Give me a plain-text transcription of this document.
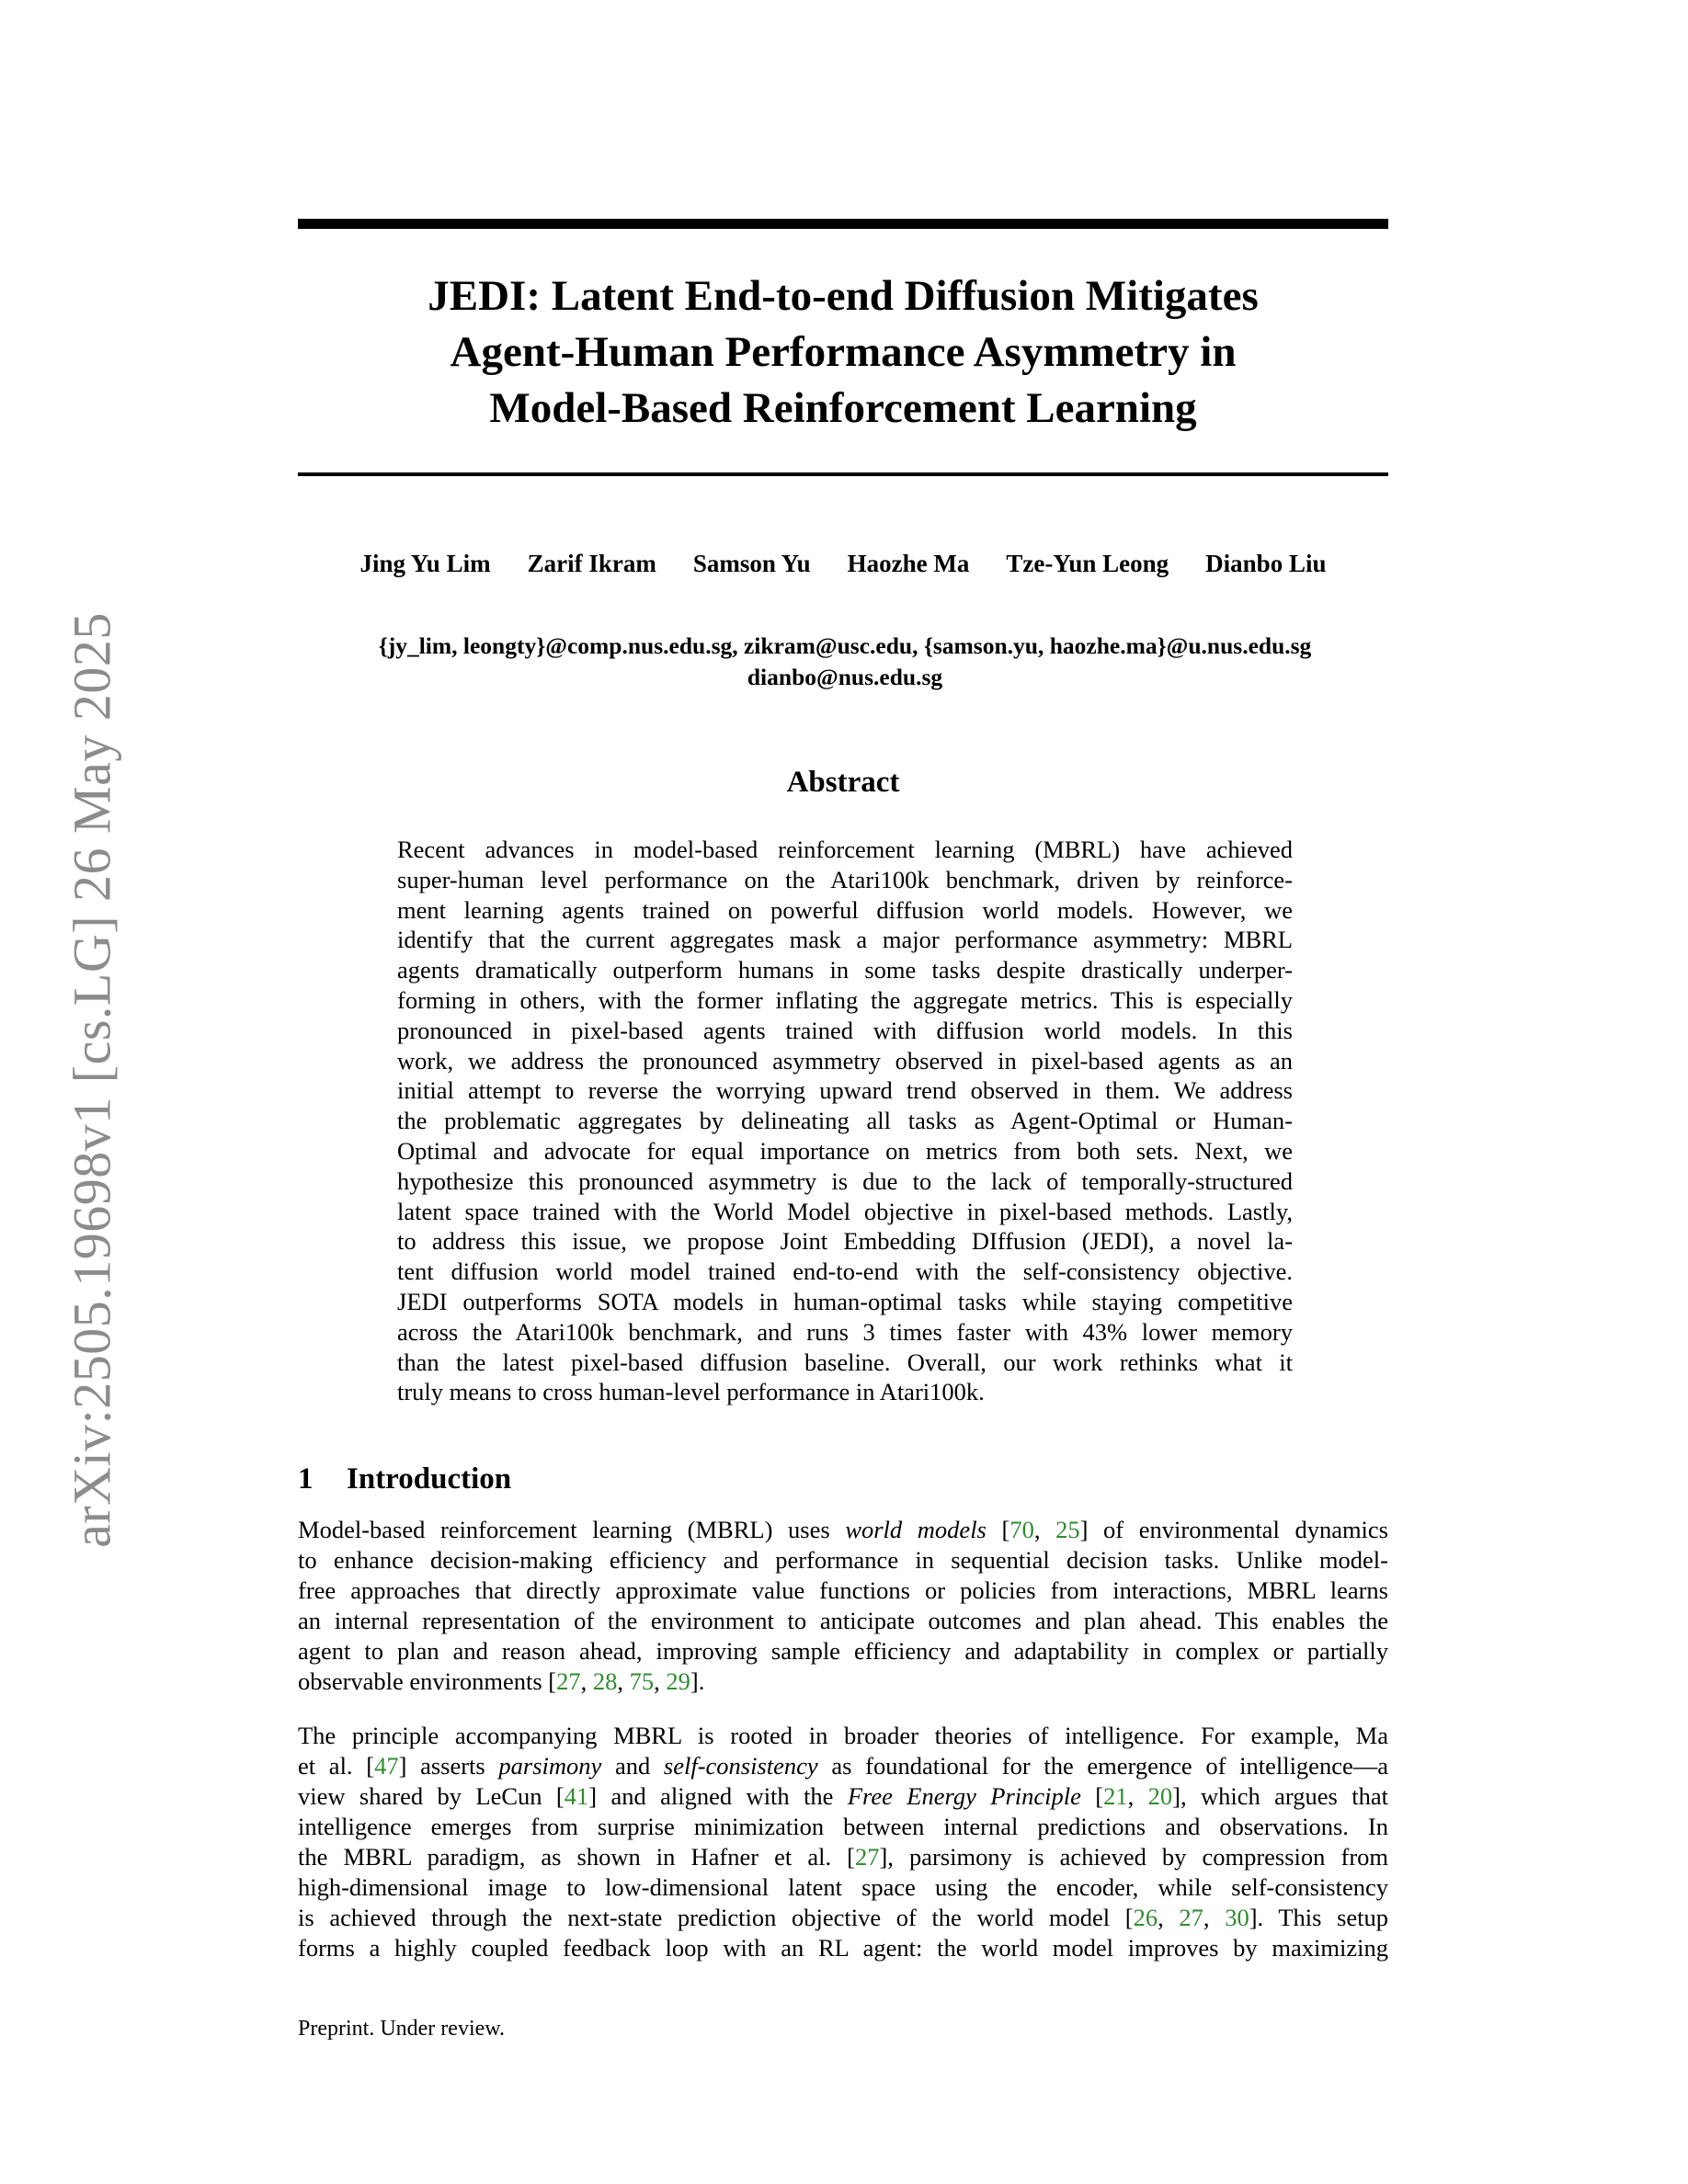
arXiv:2505.19698v1 [cs.LG] 26 May 2025
JEDI: Latent End-to-end Diffusion Mitigates
Agent-Human Performance Asymmetry in
Model-Based Reinforcement Learning
Jing Yu Lim Zarif Ikram Samson Yu Haozhe Ma Tze-Yun Leong Dianbo Liu
{jy_lim, leongty}@comp.nus.edu.sg, zikram@usc.edu, {samson.yu, haozhe.ma}@u.nus.edu.sg
dianbo@nus.edu.sg
Abstract
Recent advances in model-based reinforcement learning (MBRL) have achieved
super-human level performance on the Atari100k benchmark, driven by reinforce-
ment learning agents trained on powerful diffusion world models. However, we
identify that the current aggregates mask a major performance asymmetry: MBRL
agents dramatically outperform humans in some tasks despite drastically underper-
forming in others, with the former inflating the aggregate metrics. This is especially
pronounced in pixel-based agents trained with diffusion world models. In this
work, we address the pronounced asymmetry observed in pixel-based agents as an
initial attempt to reverse the worrying upward trend observed in them. We address
the problematic aggregates by delineating all tasks as Agent-Optimal or Human-
Optimal and advocate for equal importance on metrics from both sets. Next, we
hypothesize this pronounced asymmetry is due to the lack of temporally-structured
latent space trained with the World Model objective in pixel-based methods. Lastly,
to address this issue, we propose Joint Embedding DIffusion (JEDI), a novel la-
tent diffusion world model trained end-to-end with the self-consistency objective.
JEDI outperforms SOTA models in human-optimal tasks while staying competitive
across the Atari100k benchmark, and runs 3 times faster with 43% lower memory
than the latest pixel-based diffusion baseline. Overall, our work rethinks what it
truly means to cross human-level performance in Atari100k.
1 Introduction
Model-based reinforcement learning (MBRL) uses world models [70, 25] of environmental dynamics
to enhance decision-making efficiency and performance in sequential decision tasks. Unlike model-
free approaches that directly approximate value functions or policies from interactions, MBRL learns
an internal representation of the environment to anticipate outcomes and plan ahead. This enables the
agent to plan and reason ahead, improving sample efficiency and adaptability in complex or partially
observable environments [27, 28, 75, 29].
The principle accompanying MBRL is rooted in broader theories of intelligence. For example, Ma
et al. [47] asserts parsimony and self-consistency as foundational for the emergence of intelligence—a
view shared by LeCun [41] and aligned with the Free Energy Principle [21, 20], which argues that
intelligence emerges from surprise minimization between internal predictions and observations. In
the MBRL paradigm, as shown in Hafner et al. [27], parsimony is achieved by compression from
high-dimensional image to low-dimensional latent space using the encoder, while self-consistency
is achieved through the next-state prediction objective of the world model [26, 27, 30]. This setup
forms a highly coupled feedback loop with an RL agent: the world model improves by maximizing
Preprint. Under review.
